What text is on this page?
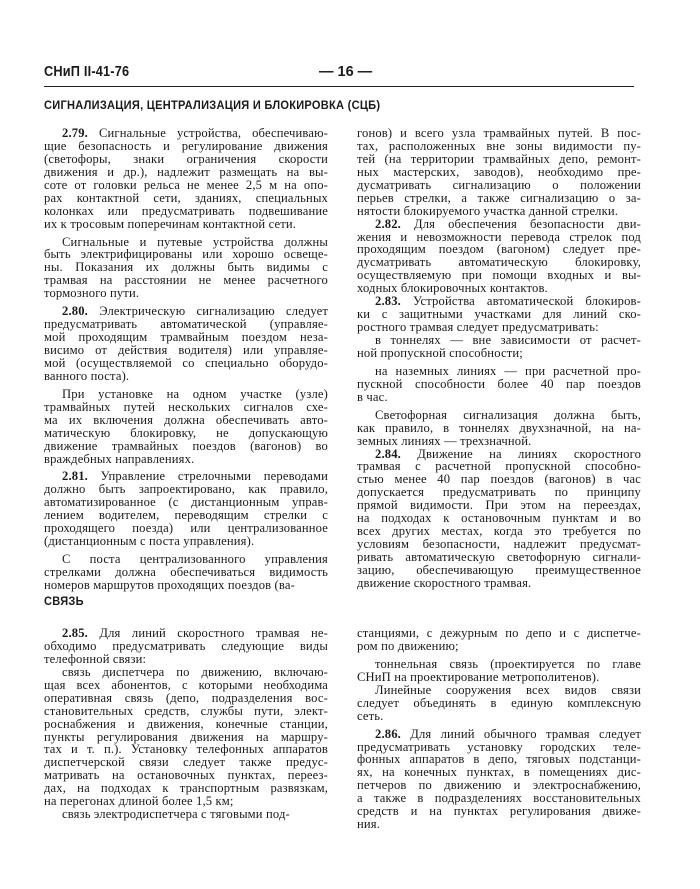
СНиП II-41-76	— 16 —
СИГНАЛИЗАЦИЯ, ЦЕНТРАЛИЗАЦИЯ И БЛОКИРОВКА (СЦБ)
2.79. Сигнальные устройства, обеспечиваю-
щие безопасность и регулирование движения
(светофоры, знаки ограничения скорости
движения и др.), надлежит размещать на вы-
соте от головки рельса не менее 2,5 м на опо-
рах контактной сети, зданиях, специальных
колонках или предусматривать подвешивание
их к тросовым поперечинам контактной сети.
Сигнальные и путевые устройства должны
быть электрифицированы или хорошо освеще-
ны. Показания их должны быть видимы с
трамвая на расстоянии не менее расчетного
тормозного пути.
2.80. Электрическую сигнализацию следует
предусматривать автоматической (управляе-
мой проходящим трамвайным поездом неза-
висимо от действия водителя) или управляе-
мой (осуществляемой со специально оборудо-
ванного поста).
При установке на одном участке (узле)
трамвайных путей нескольких сигналов схе-
ма их включения должна обеспечивать авто-
матическую блокировку, не допускающую
движение трамвайных поездов (вагонов) во
враждебных направлениях.
2.81. Управление стрелочными переводами
должно быть запроектировано, как правило,
автоматизированное (с дистанционным управ-
лением водителем, переводящим стрелки с
проходящего поезда) или централизованное
(дистанционным с поста управления).
С поста централизованного управления
стрелками должна обеспечиваться видимость
номеров маршрутов проходящих поездов (ва-
гонов) и всего узла трамвайных путей. В пос-
тах, расположенных вне зоны видимости пу-
тей (на территории трамвайных депо, ремонт-
ных мастерских, заводов), необходимо пре-
дусматривать сигнализацию о положении
перьев стрелки, а также сигнализацию о за-
нятости блокируемого участка данной стрелки.
2.82. Для обеспечения безопасности дви-
жения и невозможности перевода стрелок под
проходящим поездом (вагоном) следует пре-
дусматривать автоматическую блокировку,
осуществляемую при помощи входных и вы-
ходных блокировочных контактов.
2.83. Устройства автоматической блокиров-
ки с защитными участками для линий ско-
ростного трамвая следует предусматривать:
в тоннелях — вне зависимости от расчет-
ной пропускной способности;
на наземных линиях — при расчетной про-
пускной способности более 40 пар поездов
в час.
Светофорная сигнализация должна быть,
как правило, в тоннелях двухзначной, на на-
земных линиях — трехзначной.
2.84. Движение на линиях скоростного
трамвая с расчетной пропускной способно-
стью менее 40 пар поездов (вагонов) в час
допускается предусматривать по принципу
прямой видимости. При этом на переездах,
на подходах к остановочным пунктам и во
всех других местах, когда это требуется по
условиям безопасности, надлежит предусмат-
ривать автоматическую светофорную сигнали-
зацию, обеспечивающую преимущественное
движение скоростного трамвая.
СВЯЗЬ
2.85. Для линий скоростного трамвая не-
обходимо предусматривать следующие виды
телефонной связи:
связь диспетчера по движению, включаю-
щая всех абонентов, с которыми необходима
оперативная связь (депо, подразделения вос-
становительных средств, службы пути, элект-
роснабжения и движения, конечные станции,
пункты регулирования движения на маршру-
тах и т. п.). Установку телефонных аппаратов
диспетчерской связи следует также предус-
матривать на остановочных пунктах, переез-
дах, на подходах к транспортным развязкам,
на перегонах длиной более 1,5 км;
связь электродиспетчера с тяговыми под-
станциями, с дежурным по депо и с диспетче-
ром по движению;
тоннельная связь (проектируется по главе
СНиП на проектирование метрополитенов).
Линейные сооружения всех видов связи
следует объединять в единую комплексную
сеть.
2.86. Для линий обычного трамвая следует
предусматривать установку городских теле-
фонных аппаратов в депо, тяговых подстанци-
ях, на конечных пунктах, в помещениях дис-
петчеров по движению и электроснабжению,
а также в подразделениях восстановительных
средств и на пунктах регулирования движе-
ния.
